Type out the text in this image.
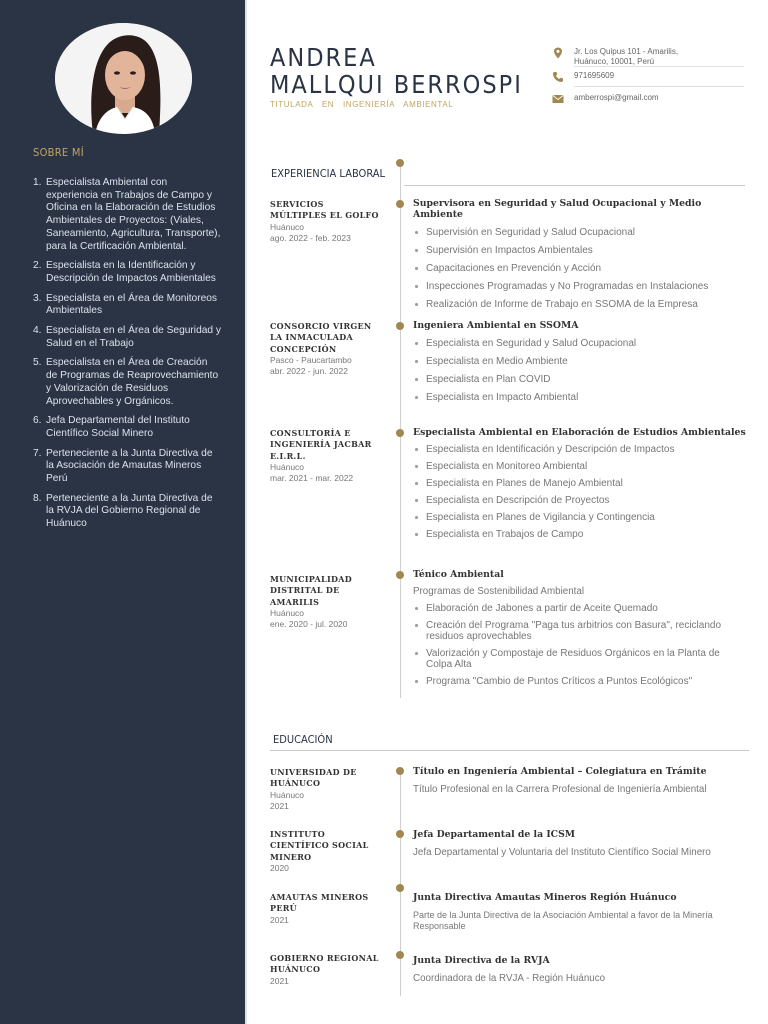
SOBRE MÍ
1. Especialista Ambiental con experiencia en Trabajos de Campo y Oficina en la Elaboración de Estudios Ambientales de Proyectos: (Viales, Saneamiento, Agricultura, Transporte), para la Certificación Ambiental.
2. Especialista en la Identificación y Descripción de Impactos Ambientales
3. Especialista en el Área de Monitoreos Ambientales
4. Especialista en el Área de Seguridad y Salud en el Trabajo
5. Especialista en el Área de Creación de Programas de Reaprovechamiento y Valorización de Residuos Aprovechables y Orgánicos.
6. Jefa Departamental del Instituto Científico Social Minero
7. Perteneciente a la Junta Directiva de la Asociación de Amautas Mineros Perú
8. Perteneciente a la Junta Directiva de la RVJA del Gobierno Regional de Huánuco
ANDREA
MALLQUI BERROSPI
TITULADA EN INGENIERÍA AMBIENTAL
Jr. Los Quipus 101 - Amarilis,
Huánuco, 10001, Perú
971695609
amberrospi@gmail.com
EXPERIENCIA LABORAL
SERVICIOS MÚLTIPLES EL GOLFO
Huánuco
ago. 2022 - feb. 2023
Supervisora en Seguridad y Salud Ocupacional y Medio Ambiente
Supervisión en Seguridad y Salud Ocupacional
Supervisión en Impactos Ambientales
Capacitaciones en Prevención y Acción
Inspecciones Programadas y No Programadas en Instalaciones
Realización de Informe de Trabajo en SSOMA de la Empresa
CONSORCIO VIRGEN LA INMACULADA CONCEPCIÓN
Pasco - Paucartambo
abr. 2022 - jun. 2022
Ingeniera Ambiental en SSOMA
Especialista en Seguridad y Salud Ocupacional
Especialista en Medio Ambiente
Especialista en Plan COVID
Especialista en Impacto Ambiental
CONSULTORÍA E INGENIERÍA JACBAR E.I.R.L.
Huánuco
mar. 2021 - mar. 2022
Especialista Ambiental en Elaboración de Estudios Ambientales
Especialista en Identificación y Descripción de Impactos
Especialista en Monitoreo Ambiental
Especialista en Planes de Manejo Ambiental
Especialista en Descripción de Proyectos
Especialista en Planes de Vigilancia y Contingencia
Especialista en Trabajos de Campo
MUNICIPALIDAD DISTRITAL DE AMARILIS
Huánuco
ene. 2020 - jul. 2020
Ténico Ambiental
Programas de Sostenibilidad Ambiental
Elaboración de Jabones a partir de Aceite Quemado
Creación del Programa "Paga tus arbitrios con Basura", reciclando residuos aprovechables
Valorización y Compostaje de Residuos Orgánicos en la Planta de Colpa Alta
Programa "Cambio de Puntos Críticos a Puntos Ecológicos"
EDUCACIÓN
UNIVERSIDAD DE HUÁNUCO
Huánuco
2021
Título en Ingeniería Ambiental – Colegiatura en Trámite
Título Profesional en la Carrera Profesional de Ingeniería Ambiental
INSTITUTO CIENTÍFICO SOCIAL MINERO
2020
Jefa Departamental de la ICSM
Jefa Departamental y Voluntaria del Instituto Científico Social Minero
AMAUTAS MINEROS PERÚ
2021
Junta Directiva Amautas Mineros Región Huánuco
Parte de la Junta Directiva de la Asociación Ambiental a favor de la Minería Responsable
GOBIERNO REGIONAL HUÁNUCO
2021
Junta Directiva de la RVJA
Coordinadora de la RVJA - Región Huánuco
